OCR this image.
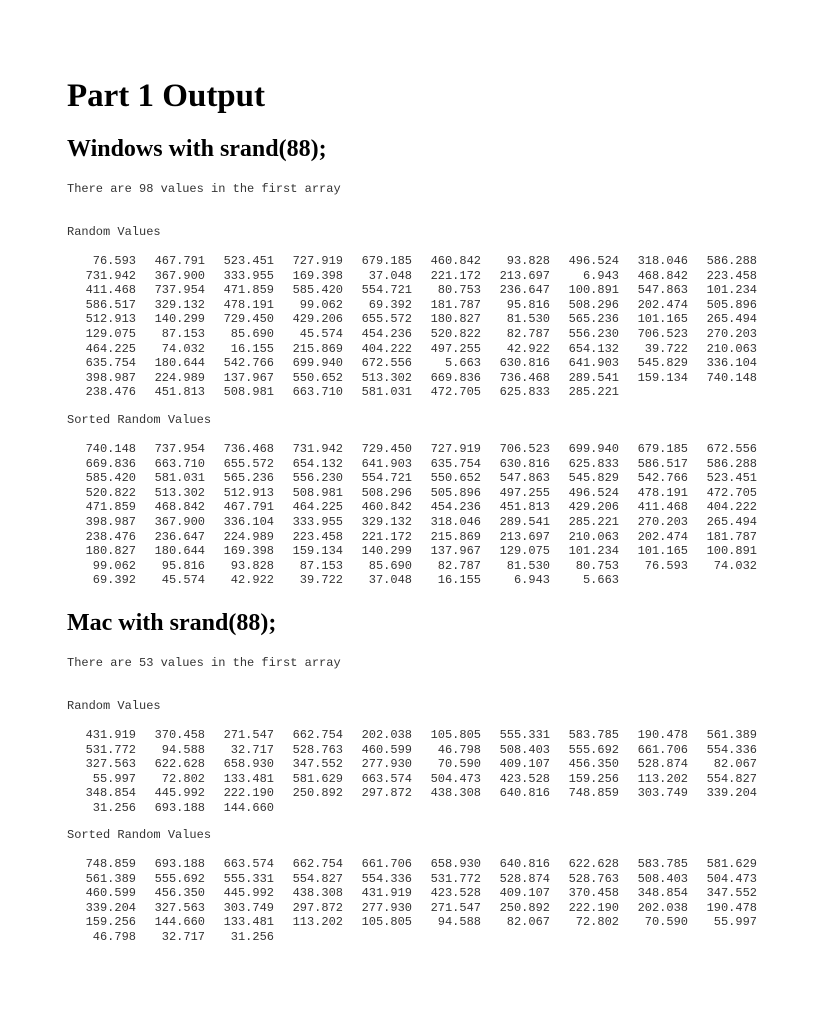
Part 1 Output
Windows with srand(88);
There are 98 values in the first array
Random Values
76.593 467.791 523.451 727.919 679.185 460.842 93.828 496.524 318.046 586.288
731.942 367.900 333.955 169.398 37.048 221.172 213.697	6.943 468.842 223.458
411.468 737.954 471.859 585.420 554.721 80.753 236.647 100.891 547.863 101.234
586.517 329.132 478.191 99.062 69.392 181.787 95.816 508.296 202.474 505.896
512.913 140.299 729.450 429.206 655.572 180.827 81.530 565.236 101.165 265.494
129.075 87.153 85.690 45.574 454.236 520.822 82.787 556.230 706.523 270.203
464.225 74.032 16.155 215.869 404.222 497.255 42.922 654.132 39.722 210.063
635.754 180.644 542.766 699.940 672.556	5.663 630.816 641.903 545.829 336.104
398.987 224.989 137.967 550.652 513.302 669.836 736.468 289.541 159.134 740.148
238.476 451.813 508.981 663.710 581.031 472.705 625.833 285.221
Sorted Random Values
740.148 737.954 736.468 731.942 729.450 727.919 706.523 699.940 679.185 672.556
669.836 663.710 655.572 654.132 641.903 635.754 630.816 625.833 586.517 586.288
585.420 581.031 565.236 556.230 554.721 550.652 547.863 545.829 542.766 523.451
520.822 513.302 512.913 508.981 508.296 505.896 497.255 496.524 478.191 472.705
471.859 468.842 467.791 464.225 460.842 454.236 451.813 429.206 411.468 404.222
398.987 367.900 336.104 333.955 329.132 318.046 289.541 285.221 270.203 265.494
238.476 236.647 224.989 223.458 221.172 215.869 213.697 210.063 202.474 181.787
180.827 180.644 169.398 159.134 140.299 137.967 129.075 101.234 101.165 100.891
99.062 95.816 93.828 87.153 85.690 82.787 81.530 80.753 76.593 74.032
69.392 45.574 42.922 39.722 37.048 16.155	6.943	5.663
Mac with srand(88);
There are 53 values in the first array
Random Values
431.919 370.458 271.547 662.754 202.038 105.805 555.331 583.785 190.478 561.389
531.772 94.588 32.717 528.763 460.599 46.798 508.403 555.692 661.706 554.336
327.563 622.628 658.930 347.552 277.930 70.590 409.107 456.350 528.874 82.067
55.997 72.802 133.481 581.629 663.574 504.473 423.528 159.256 113.202 554.827
348.854 445.992 222.190 250.892 297.872 438.308 640.816 748.859 303.749 339.204
31.256 693.188 144.660
Sorted Random Values
748.859 693.188 663.574 662.754 661.706 658.930 640.816 622.628 583.785 581.629
561.389 555.692 555.331 554.827 554.336 531.772 528.874 528.763 508.403 504.473
460.599 456.350 445.992 438.308 431.919 423.528 409.107 370.458 348.854 347.552
339.204 327.563 303.749 297.872 277.930 271.547 250.892 222.190 202.038 190.478
159.256 144.660 133.481 113.202 105.805 94.588 82.067 72.802 70.590 55.997
46.798 32.717 31.256
